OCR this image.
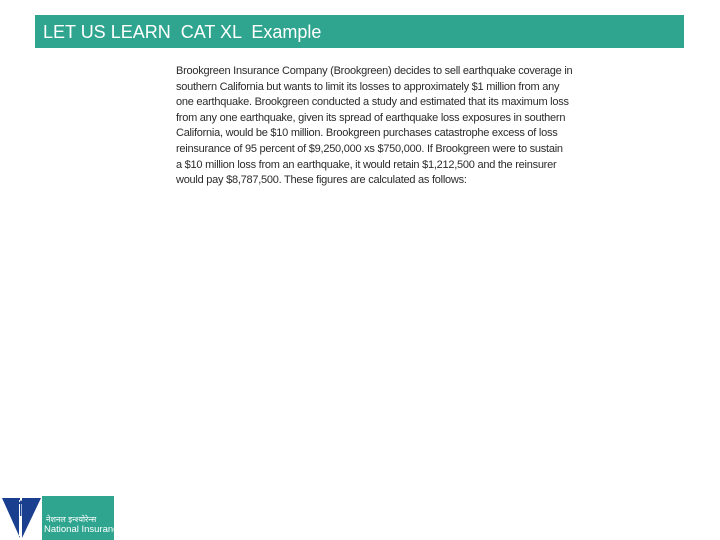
LET US LEARN  CAT XL  Example
Brookgreen Insurance Company (Brookgreen) decides to sell earthquake coverage in
southern California but wants to limit its losses to approximately $1 million from any
one earthquake. Brookgreen conducted a study and estimated that its maximum loss
from any one earthquake, given its spread of earthquake loss exposures in southern
California, would be $10 million. Brookgreen purchases catastrophe excess of loss
reinsurance of 95 percent of $9,250,000 xs $750,000. If Brookgreen were to sustain
a $10 million loss from an earthquake, it would retain $1,212,500 and the reinsurer
would pay $8,787,500. These figures are calculated as follows:
नेशनल इन्श्योरेन्स
National Insurance
